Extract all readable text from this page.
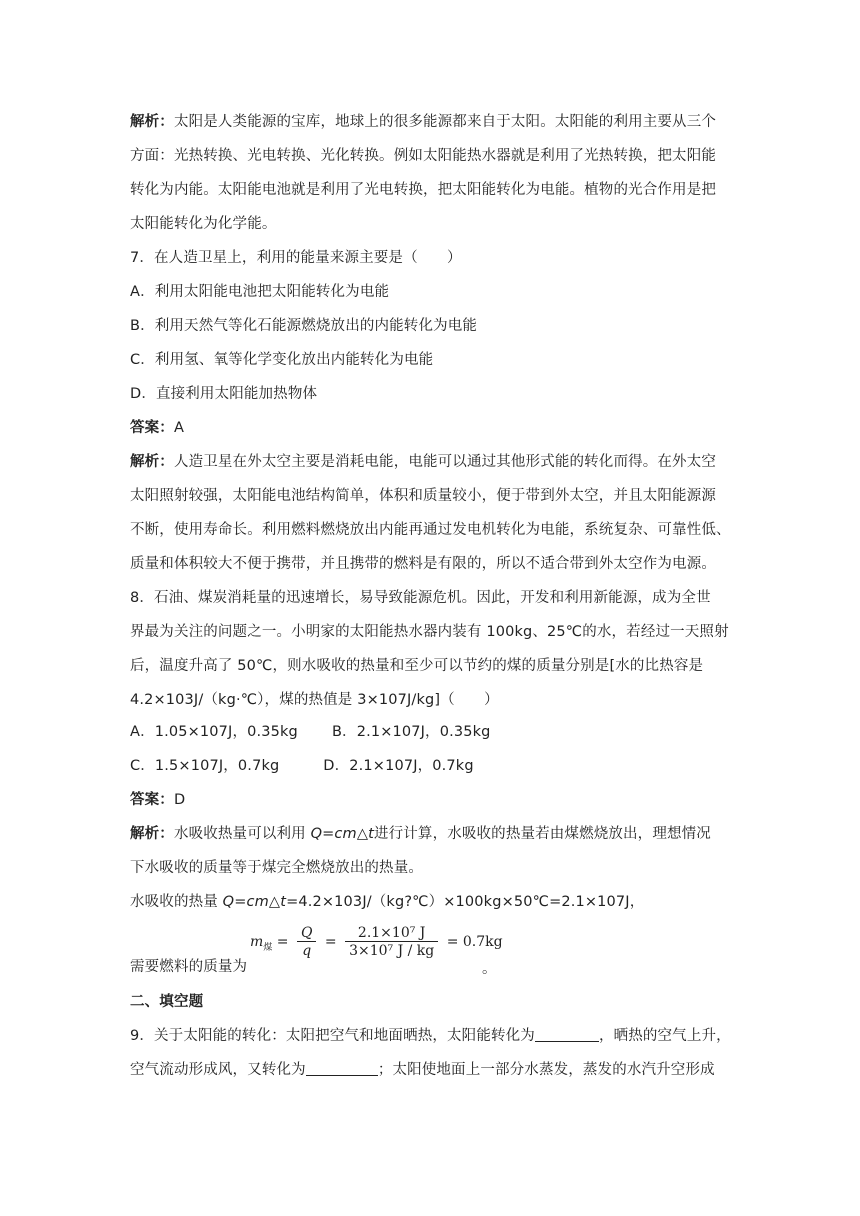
解析：太阳是人类能源的宝库，地球上的很多能源都来自于太阳。太阳能的利用主要从三个
方面：光热转换、光电转换、光化转换。例如太阳能热水器就是利用了光热转换，把太阳能
转化为内能。太阳能电池就是利用了光电转换，把太阳能转化为电能。植物的光合作用是把
太阳能转化为化学能。
7．在人造卫星上，利用的能量来源主要是（　　）
A．利用太阳能电池把太阳能转化为电能
B．利用天然气等化石能源燃烧放出的内能转化为电能
C．利用氢、氧等化学变化放出内能转化为电能
D．直接利用太阳能加热物体
答案：A
解析：人造卫星在外太空主要是消耗电能，电能可以通过其他形式能的转化而得。在外太空
太阳照射较强，太阳能电池结构简单，体积和质量较小，便于带到外太空，并且太阳能源源
不断，使用寿命长。利用燃料燃烧放出内能再通过发电机转化为电能，系统复杂、可靠性低、
质量和体积较大不便于携带，并且携带的燃料是有限的，所以不适合带到外太空作为电源。
8．石油、煤炭消耗量的迅速增长，易导致能源危机。因此，开发和利用新能源，成为全世
界最为关注的问题之一。小明家的太阳能热水器内装有 100kg、25℃的水，若经过一天照射
后，温度升高了 50℃，则水吸收的热量和至少可以节约的煤的质量分别是[水的比热容是
4.2×103J/（kg·℃），煤的热值是 3×107J/kg]（　　）
A．1.05×107J，0.35kg　　 B．2.1×107J，0.35kg
C．1.5×107J，0.7kg　　　D．2.1×107J，0.7kg
答案：D
解析：水吸收热量可以利用 Q=cm△t进行计算，水吸收的热量若由煤燃烧放出，理想情况
下水吸收的质量等于煤完全燃烧放出的热量。
水吸收的热量 Q=cm△t=4.2×103J/（kg?℃）×100kg×50℃=2.1×107J，
$m_煤 = \frac{Q}{q} = \frac{\text{2.1×10⁷ J}}{\text{3×10⁷ J / kg}} = 0.7kg$
需要燃料的质量为	。
二、填空题
9．关于太阳能的转化：太阳把空气和地面晒热，太阳能转化为	，晒热的空气上升，
空气流动形成风，又转化为	；太阳使地面上一部分水蒸发，蒸发的水汽升空形成
